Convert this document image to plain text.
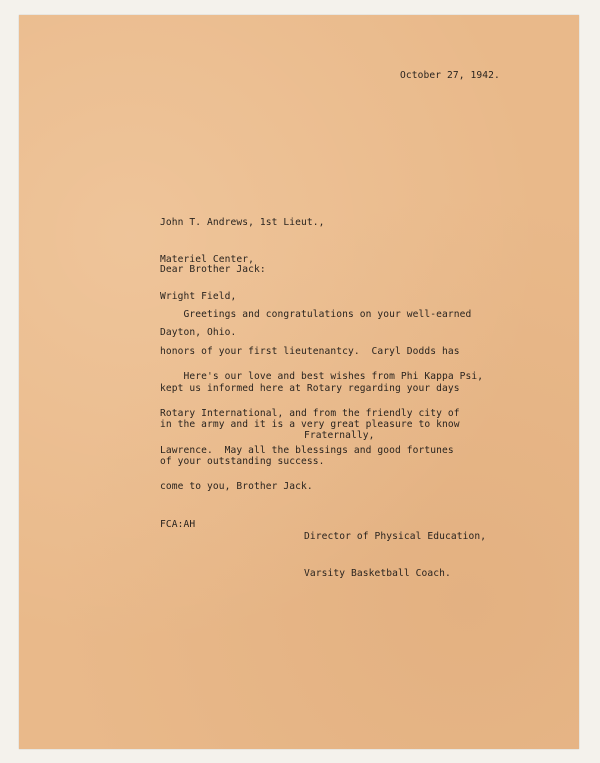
October 27, 1942.

John T. Andrews, 1st Lieut.,

Materiel Center,

Wright Field,

Dayton, Ohio.

Dear Brother Jack:

Greetings and congratulations on your well-earned

honors of your first lieutenantcy.  Caryl Dodds has

kept us informed here at Rotary regarding your days

in the army and it is a very great pleasure to know

of your outstanding success.

Here's our love and best wishes from Phi Kappa Psi,

Rotary International, and from the friendly city of

Lawrence.  May all the blessings and good fortunes

come to you, Brother Jack.

Fraternally,

Director of Physical Education,

Varsity Basketball Coach.

FCA:AH
